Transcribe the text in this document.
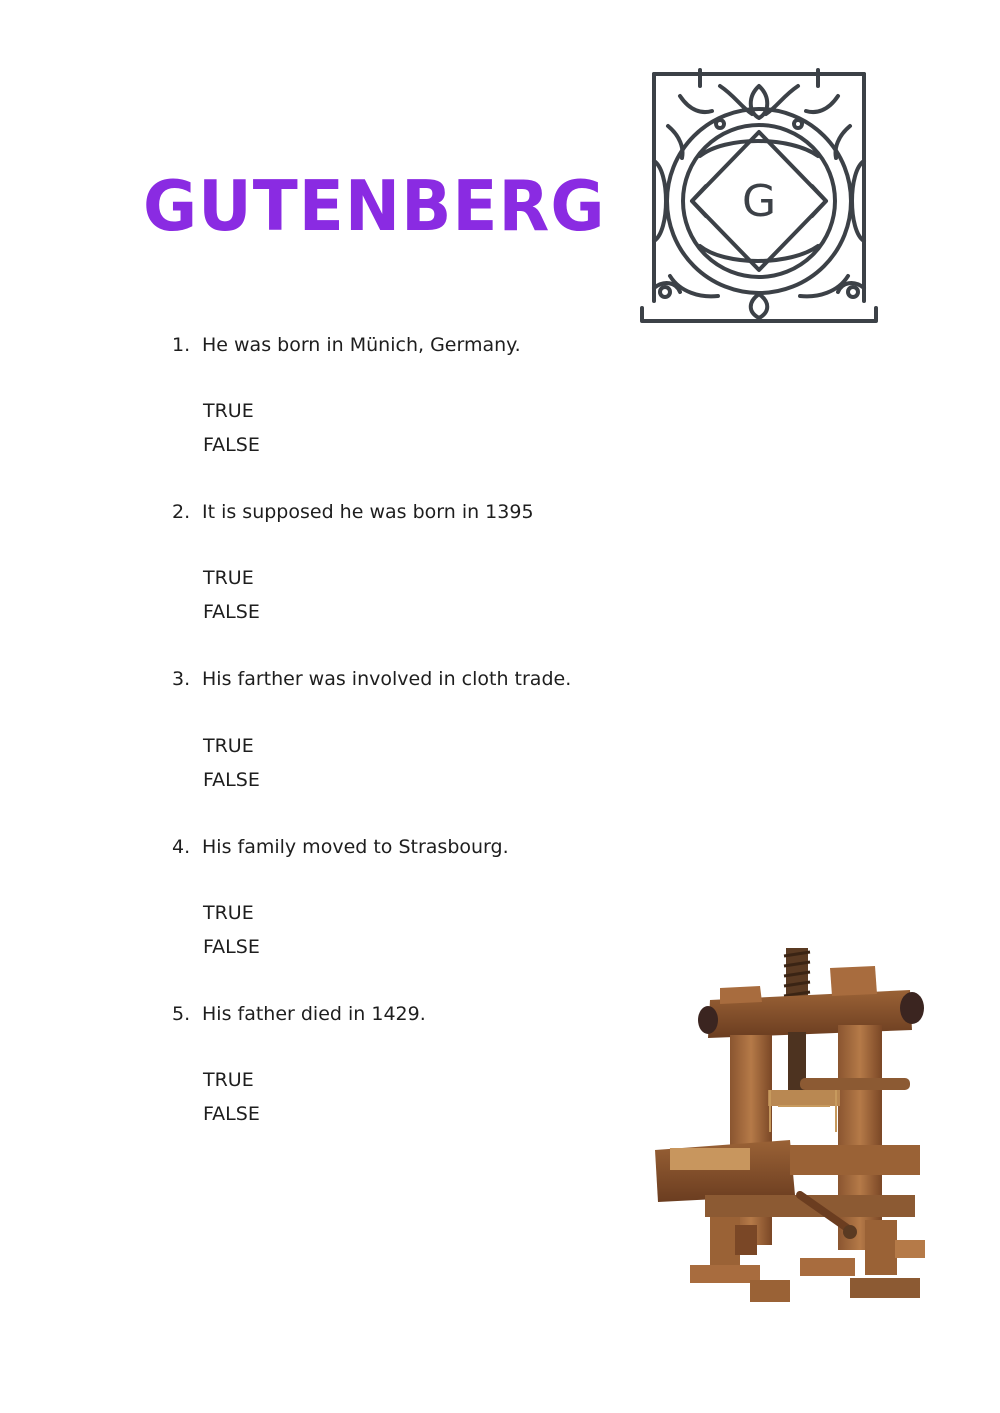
GUTENBERG	G
1. He was born in Münich, Germany.
TRUE
FALSE
2. It is supposed he was born in 1395
TRUE
FALSE
3. His farther was involved in cloth trade.
TRUE
FALSE
4. His family moved to Strasbourg.
TRUE
FALSE
5. His father died in 1429.
TRUE
FALSE
